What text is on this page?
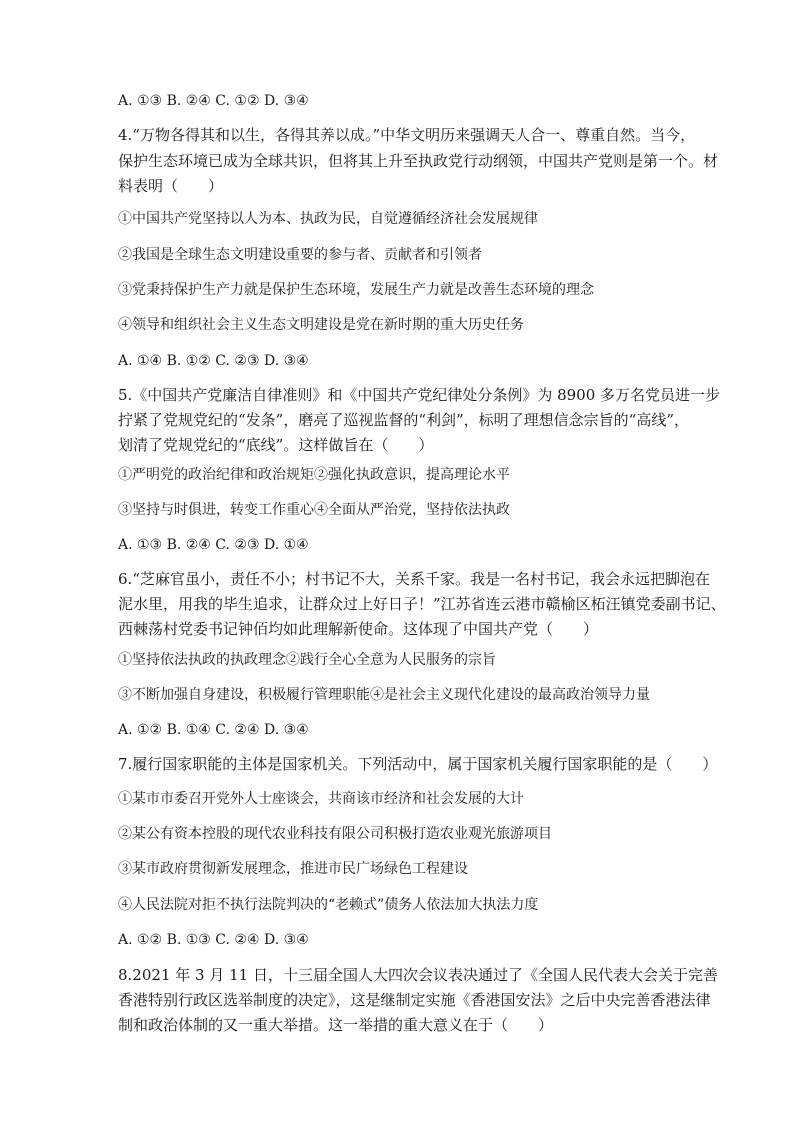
A. ①③ B. ②④ C. ①② D. ③④
4.“万物各得其和以生，各得其养以成。”中华文明历来强调天人合一、尊重自然。当今，
保护生态环境已成为全球共识，但将其上升至执政党行动纲领，中国共产党则是第一个。材
料表明（　　）
①中国共产党坚持以人为本、执政为民，自觉遵循经济社会发展规律
②我国是全球生态文明建设重要的参与者、贡献者和引领者
③党秉持保护生产力就是保护生态环境，发展生产力就是改善生态环境的理念
④领导和组织社会主义生态文明建设是党在新时期的重大历史任务
A. ①④ B. ①② C. ②③ D. ③④
5.《中国共产党廉洁自律准则》和《中国共产党纪律处分条例》为 8900 多万名党员进一步
拧紧了党规党纪的“发条”，磨亮了巡视监督的“利剑”，标明了理想信念宗旨的“高线”，
划清了党规党纪的“底线”。这样做旨在（　　）
①严明党的政治纪律和政治规矩②强化执政意识，提高理论水平
③坚持与时俱进，转变工作重心④全面从严治党，坚持依法执政
A. ①③ B. ②④ C. ②③ D. ①④
6.“芝麻官虽小，责任不小；村书记不大，关系千家。我是一名村书记，我会永远把脚泡在
泥水里，用我的毕生追求，让群众过上好日子！”江苏省连云港市赣榆区柘汪镇党委副书记、
西棘荡村党委书记钟佰均如此理解新使命。这体现了中国共产党（　　）
①坚持依法执政的执政理念②践行全心全意为人民服务的宗旨
③不断加强自身建设，积极履行管理职能④是社会主义现代化建设的最高政治领导力量
A. ①② B. ①④ C. ②④ D. ③④
7.履行国家职能的主体是国家机关。下列活动中，属于国家机关履行国家职能的是（　　）
①某市市委召开党外人士座谈会，共商该市经济和社会发展的大计
②某公有资本控股的现代农业科技有限公司积极打造农业观光旅游项目
③某市政府贯彻新发展理念，推进市民广场绿色工程建设
④人民法院对拒不执行法院判决的“老赖式”债务人依法加大执法力度
A. ①② B. ①③ C. ②④ D. ③④
8.2021 年 3 月 11 日，十三届全国人大四次会议表决通过了《全国人民代表大会关于完善
香港特别行政区选举制度的决定》，这是继制定实施《香港国安法》之后中央完善香港法律
制和政治体制的又一重大举措。这一举措的重大意义在于（　　）
